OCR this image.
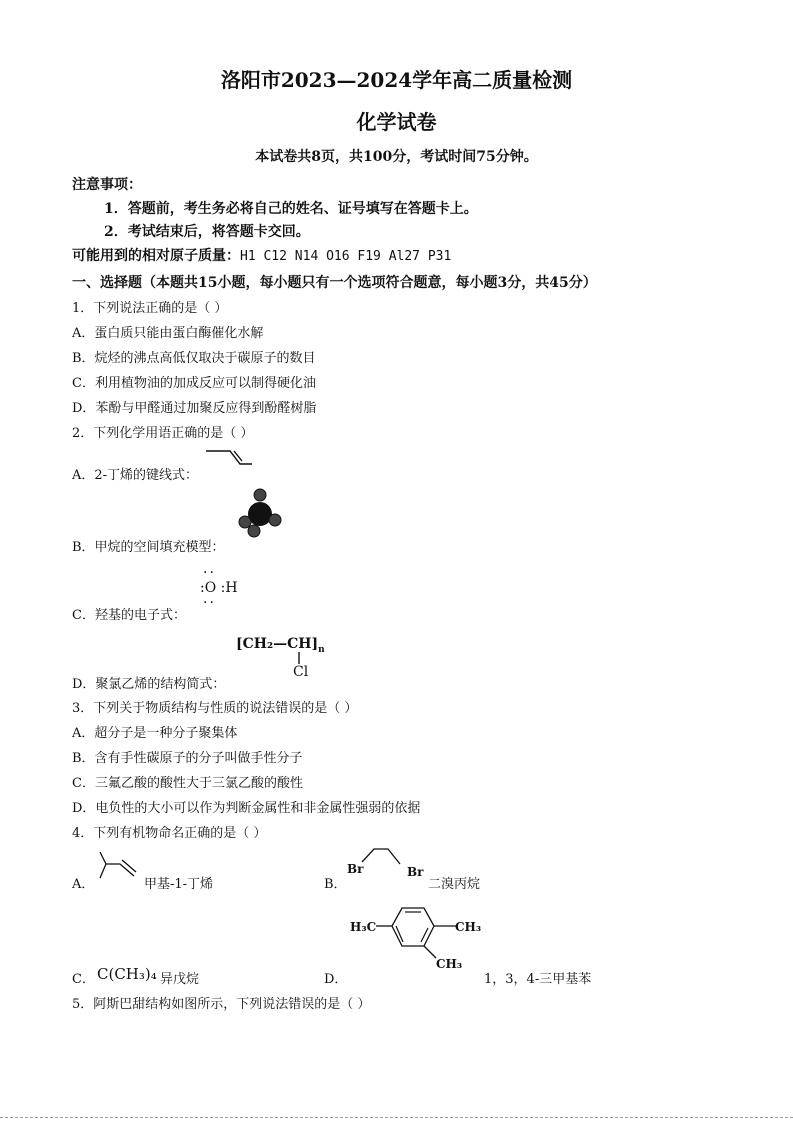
洛阳市2023—2024学年高二质量检测
化学试卷
本试卷共8页，共100分，考试时间75分钟。
注意事项：
1．答题前，考生务必将自己的姓名、证号填写在答题卡上。
2．考试结束后，将答题卡交回。
可能用到的相对原子质量：H1 C12 N14 O16 F19 Al27 P31
一、选择题（本题共15小题，每小题只有一个选项符合题意，每小题3分，共45分）
1．下列说法正确的是（ ）
A．蛋白质只能由蛋白酶催化水解
B．烷烃的沸点高低仅取决于碳原子的数目
C．利用植物油的加成反应可以制得硬化油
D．苯酚与甲醛通过加聚反应得到酚醛树脂
2．下列化学用语正确的是（ ）
A．2-丁烯的键线式：
B．甲烷的空间填充模型：
C．羟基的电子式：
··
:O :H
··
D．聚氯乙烯的结构简式：
$[CH_2—CH]_n$
Cl
3．下列关于物质结构与性质的说法错误的是（ ）
A．超分子是一种分子聚集体
B．含有手性碳原子的分子叫做手性分子
C．三氟乙酸的酸性大于三氯乙酸的酸性
D．电负性的大小可以作为判断金属性和非金属性强弱的依据
4．下列有机物命名正确的是（ ）
A．	甲基-1-丁烯	B．
Br	Br
二溴丙烷
C． C(CH₃)₄ 异戊烷	D．
H₃C	CH₃
CH₃
1，3，4-三甲基苯
5．阿斯巴甜结构如图所示，下列说法错误的是（ ）
